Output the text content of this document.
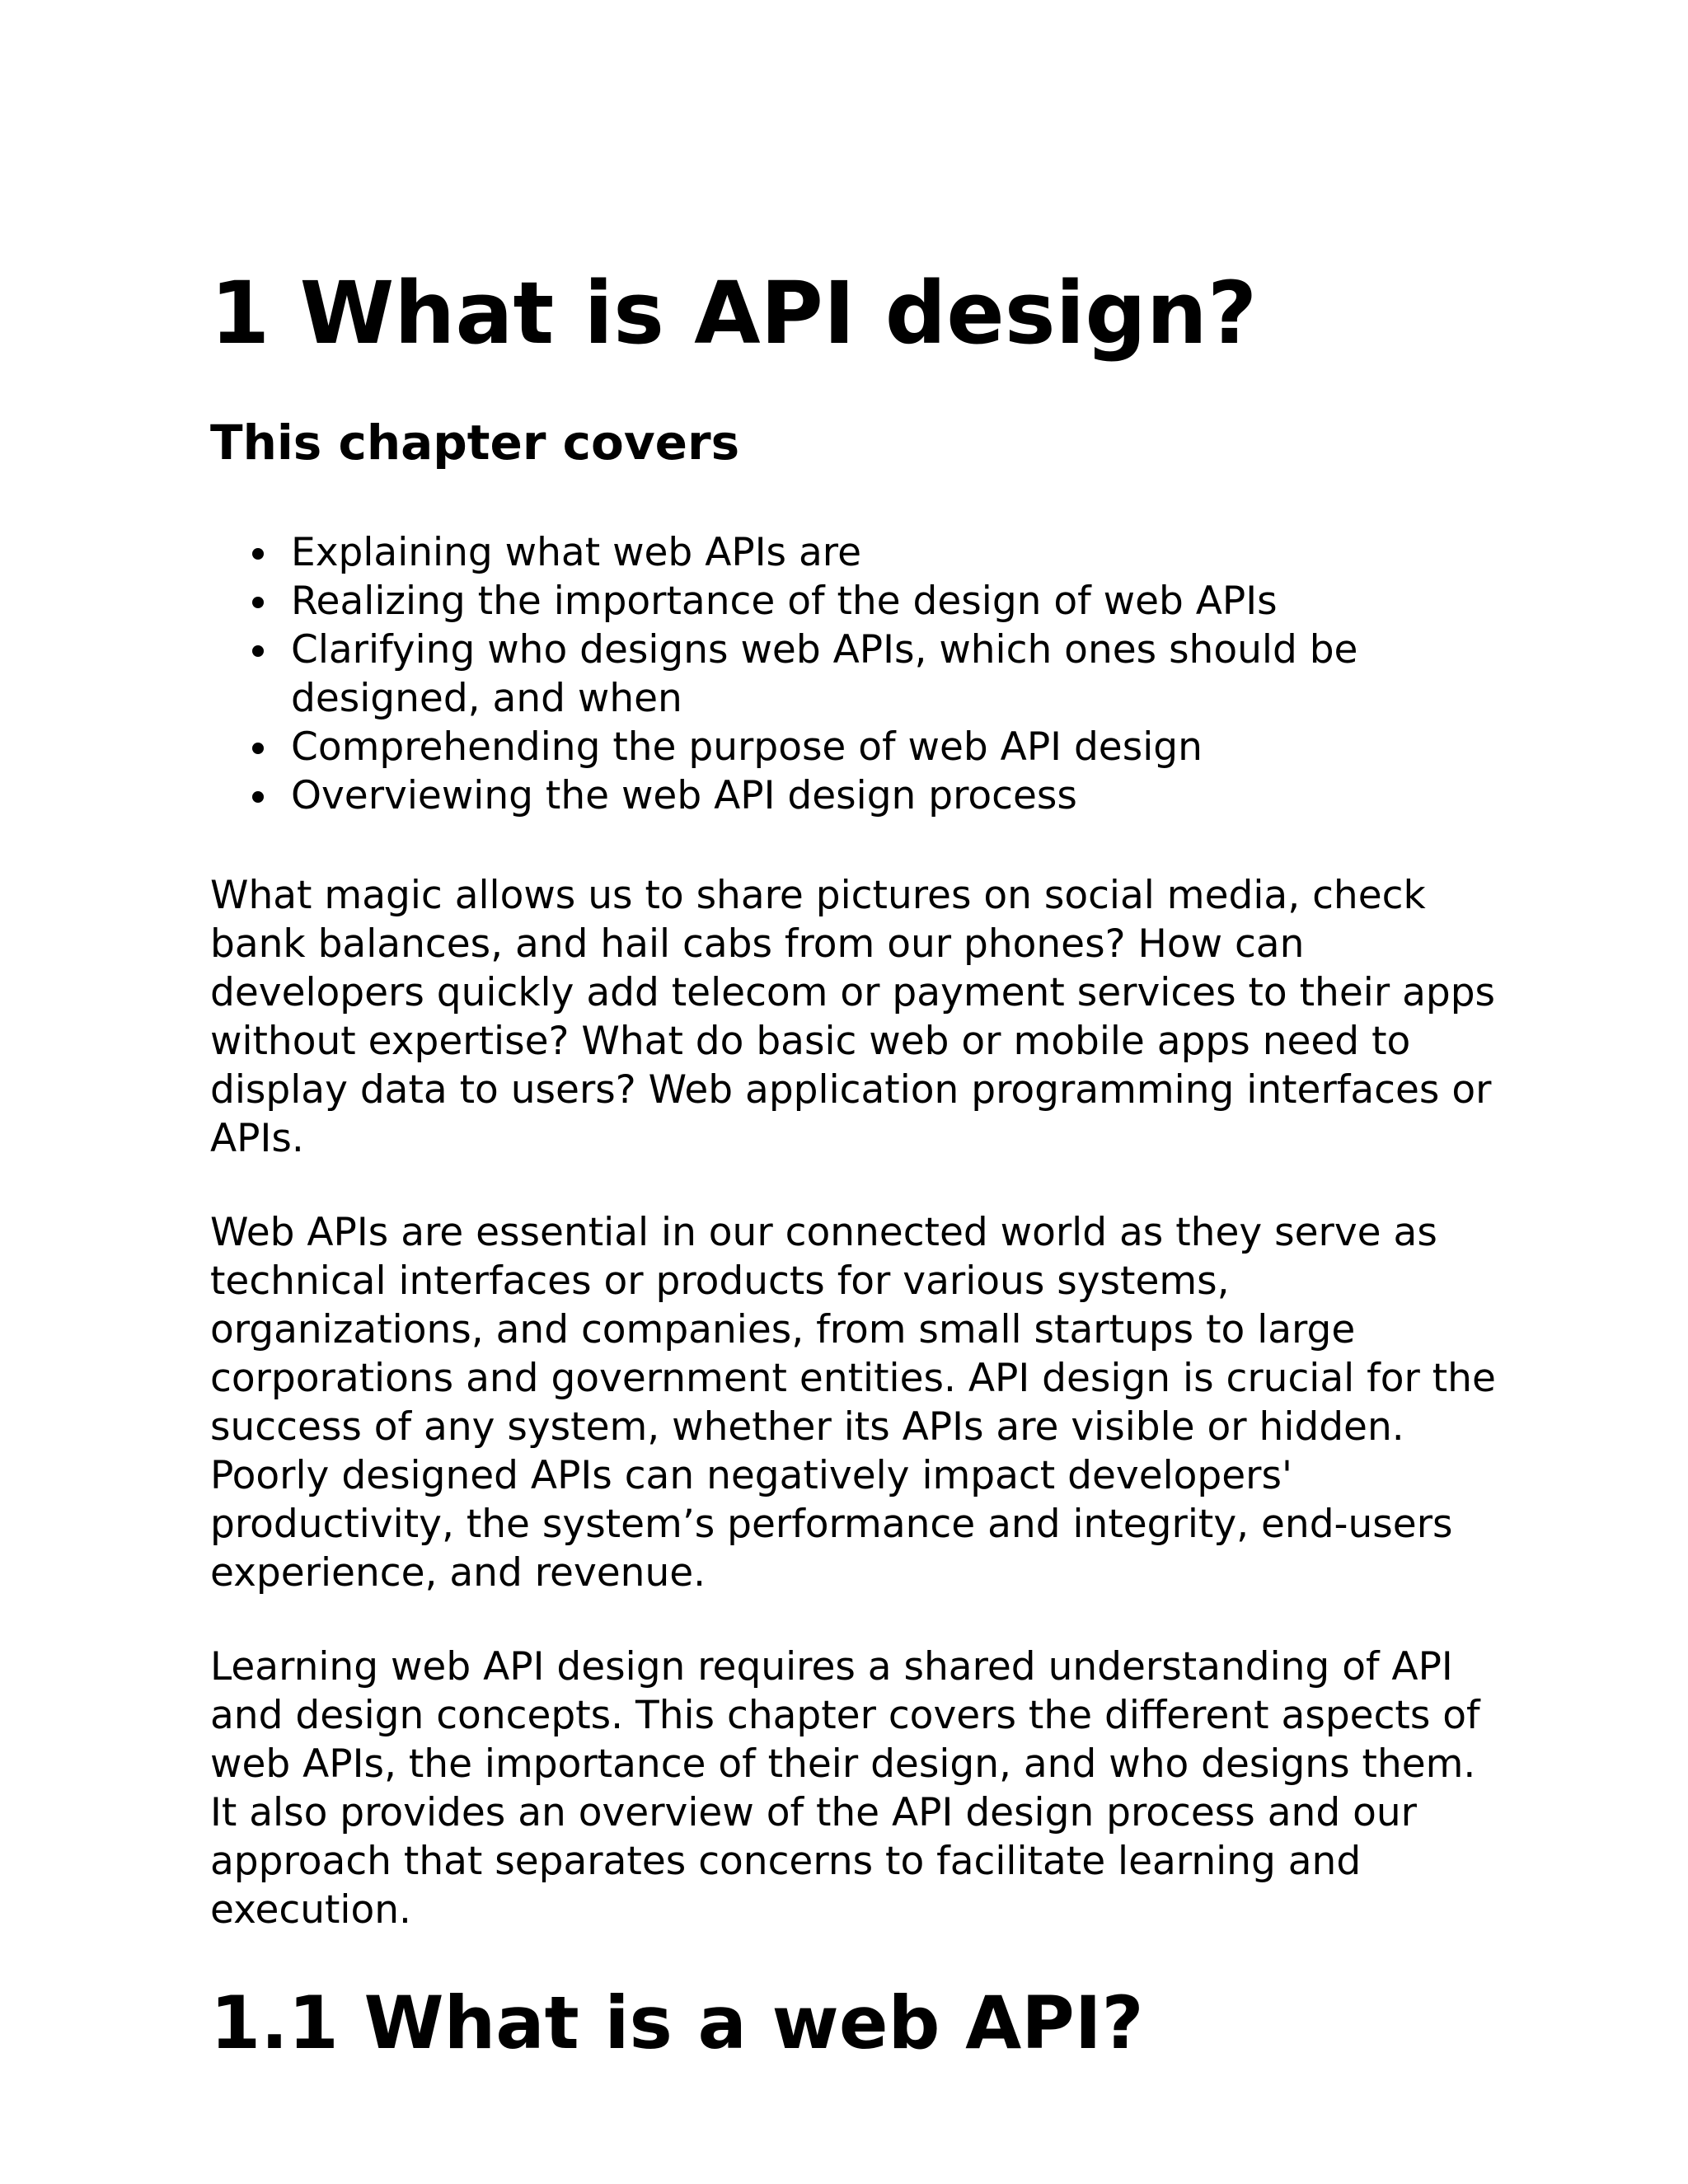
1 What is API design?
This chapter covers
Explaining what web APIs are
Realizing the importance of the design of web APIs
Clarifying who designs web APIs, which ones should be designed, and when
Comprehending the purpose of web API design
Overviewing the web API design process

What magic allows us to share pictures on social media, check bank balances, and hail cabs from our phones? How can developers quickly add telecom or payment services to their apps without expertise? What do basic web or mobile apps need to display data to users? Web application programming interfaces or APIs.

Web APIs are essential in our connected world as they serve as technical interfaces or products for various systems, organizations, and companies, from small startups to large corporations and government entities. API design is crucial for the success of any system, whether its APIs are visible or hidden. Poorly designed APIs can negatively impact developers' productivity, the system’s performance and integrity, end-users experience, and revenue.

Learning web API design requires a shared understanding of API and design concepts. This chapter covers the different aspects of web APIs, the importance of their design, and who designs them. It also provides an overview of the API design process and our approach that separates concerns to facilitate learning and execution.

1.1 What is a web API?
